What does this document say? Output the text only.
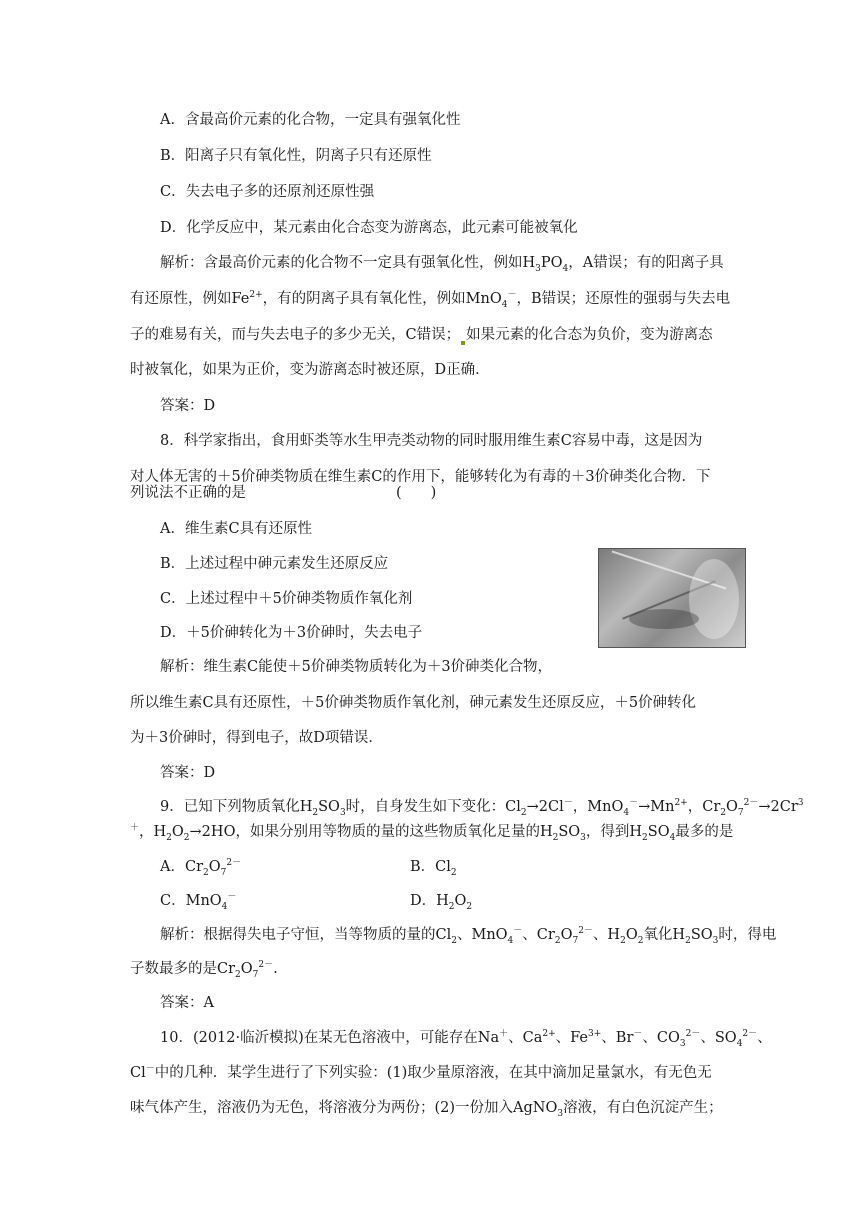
A．含最高价元素的化合物，一定具有强氧化性
B．阳离子只有氧化性，阴离子只有还原性
C．失去电子多的还原剂还原性强
D．化学反应中，某元素由化合态变为游离态，此元素可能被氧化
解析：含最高价元素的化合物不一定具有强氧化性，例如$H_3PO_4$，A错误；有的阳离子具
有还原性，例如$Fe^{2+}$，有的阴离子具有氧化性，例如MnO$_4$－，B错误；还原性的强弱与失去电
子的难易有关，而与失去电子的多少无关，C错误； 如果元素的化合态为负价，变为游离态
时被氧化，如果为正价，变为游离态时被还原，D正确．
答案：D
8．科学家指出，食用虾类等水生甲壳类动物的同时服用维生素C容易中毒，这是因为
对人体无害的＋5价砷类物质在维生素C的作用下，能够转化为有毒的＋3价砷类化合物．下
列说法不正确的是	(　　)
A．维生素C具有还原性
B．上述过程中砷元素发生还原反应
C．上述过程中＋5价砷类物质作氧化剂
D．＋5价砷转化为＋3价砷时，失去电子
解析：维生素C能使＋5价砷类物质转化为＋3价砷类化合物，
所以维生素C具有还原性，＋5价砷类物质作氧化剂，砷元素发生还原反应，＋5价砷转化
为＋3价砷时，得到电子，故D项错误．
答案：D
9．已知下列物质氧化$H_2SO_3$时，自身发生如下变化：$Cl_2\to 2Cl^-$，$MnO_4^-\to Mn^{2+}$，$Cr_2O_7^{2-}\to 2Cr^3$
＋，$H_2O_2\to 2HO$，如果分别用等物质的量的这些物质氧化足量的$H_2SO_3$，得到$H_2SO_4$最多的是
A．$Cr_2O_7^{2-}$	B．$Cl_2$
C．MnO$_4$－	D．$H_2O_2$
解析：根据得失电子守恒，当等物质的量的$Cl_2$、MnO$_4$－、$Cr_2O_7^{2-}$、$H_2O_2$氧化$H_2SO_3$时，得电
子数最多的是$Cr_2O_7^{2-}$.
答案：A
10．(2012·临沂模拟)在某无色溶液中，可能存在Na＋、$Ca^{2+}$、$Fe^{3+}$、Br－、$CO_3^{2-}$、$SO_4^{2-}$、
Cl－中的几种．某学生进行了下列实验：(1)取少量原溶液，在其中滴加足量氯水，有无色无
味气体产生，溶液仍为无色，将溶液分为两份；(2)一份加入AgNO$_3$溶液，有白色沉淀产生；
